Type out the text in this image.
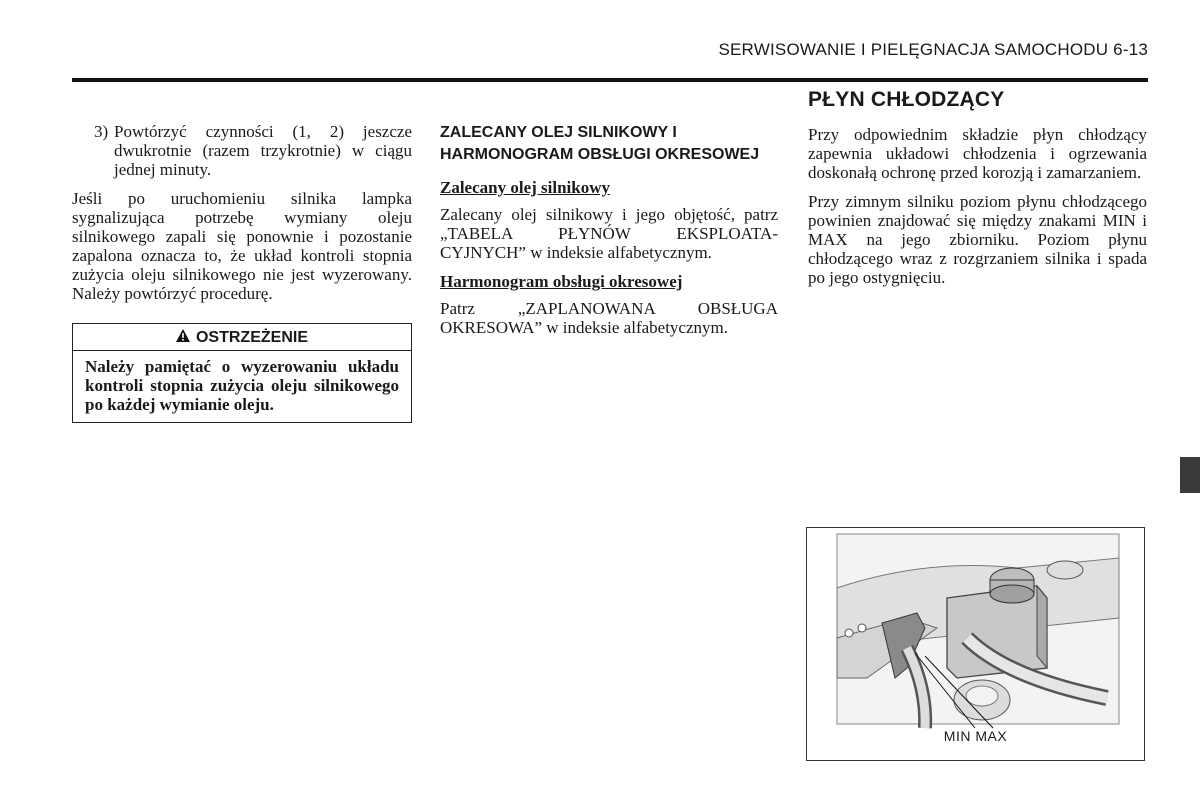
SERWISOWANIE I PIELĘGNACJA SAMOCHODU 6-13
3) Powtórzyć czynności (1, 2) jeszcze dwukrotnie (razem trzykrotnie) w ciągu jednej minuty.

Jeśli po uruchomieniu silnika lampka sygnalizująca potrzebę wymiany oleju silnikowego zapali się ponownie i pozostanie zapalona oznacza to, że układ kontroli stopnia zużycia oleju silnikowego nie jest wyzerowany. Należy powtórzyć procedurę.

OSTRZEŻENIE
Należy pamiętać o wyzerowaniu układu kontroli stopnia zużycia oleju silnikowego po każdej wymianie oleju.
ZALECANY OLEJ SILNIKOWY I HARMONOGRAM OBSŁUGI OKRESOWEJ
Zalecany olej silnikowy

Zalecany olej silnikowy i jego objętość, patrz „TABELA PŁYNÓW EKSPLOATA-CYJNYCH” w indeksie alfabetycznym.

Harmonogram obsługi okresowej

Patrz „ZAPLANOWANA OBSŁUGA OKRESOWA” w indeksie alfabetycznym.

PŁYN CHŁODZĄCY

Przy odpowiednim składzie płyn chłodzący zapewnia układowi chłodzenia i ogrzewania doskonałą ochronę przed korozją i zamarzaniem.

Przy zimnym silniku poziom płynu chłodzącego powinien znajdować się między znakami MIN i MAX na jego zbiorniku. Poziom płynu chłodzącego wraz z rozgrzaniem silnika i spada po jego ostygnięciu.

MIN MAX
